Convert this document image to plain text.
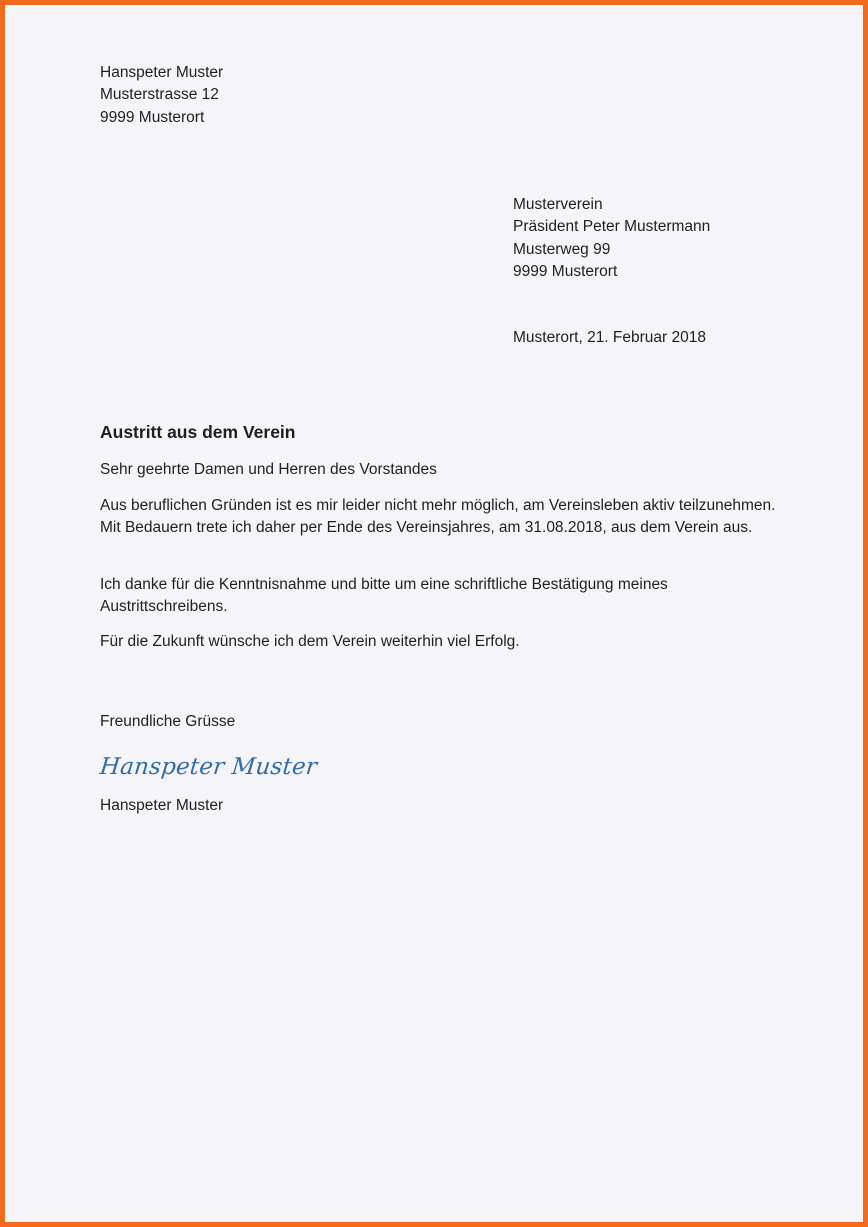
Hanspeter Muster
Musterstrasse 12
9999 Musterort
Musterverein
Präsident Peter Mustermann
Musterweg 99
9999 Musterort
Musterort, 21. Februar 2018
Austritt aus dem Verein
Sehr geehrte Damen und Herren des Vorstandes
Aus beruflichen Gründen ist es mir leider nicht mehr möglich, am Vereinsleben aktiv teilzunehmen. Mit Bedauern trete ich daher per Ende des Vereinsjahres, am 31.08.2018, aus dem Verein aus.
Ich danke für die Kenntnisnahme und bitte um eine schriftliche Bestätigung meines Austrittschreibens.
Für die Zukunft wünsche ich dem Verein weiterhin viel Erfolg.
Freundliche Grüsse
Hanspeter Muster
Hanspeter Muster
